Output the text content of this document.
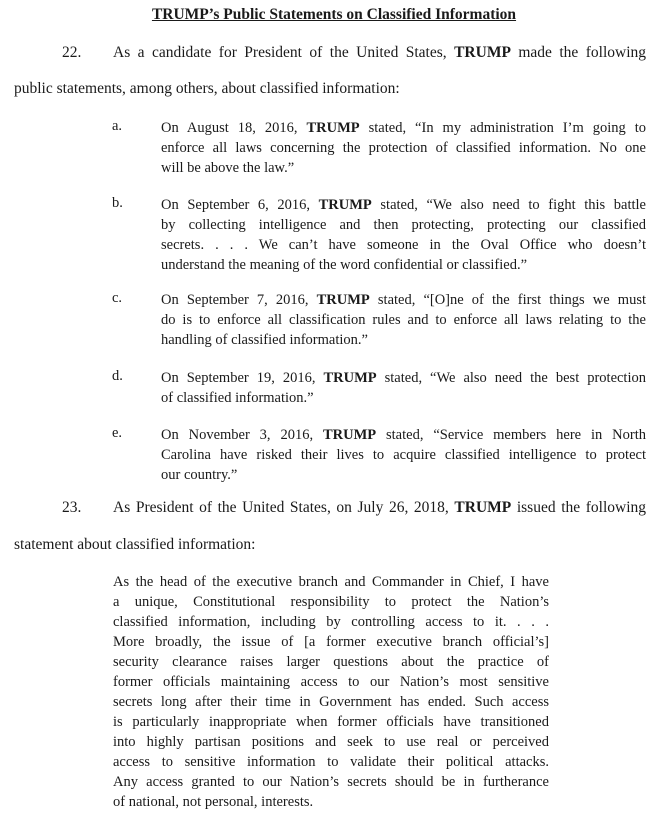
TRUMP’s Public Statements on Classified Information
22. As a candidate for President of the United States, TRUMP made the following
public statements, among others, about classified information:
a.	On August 18, 2016, TRUMP stated, “In my administration I’m going to
enforce all laws concerning the protection of classified information. No one
will be above the law.”
b.	On September 6, 2016, TRUMP stated, “We also need to fight this battle
by collecting intelligence and then protecting, protecting our classified
secrets. . . . We can’t have someone in the Oval Office who doesn’t
understand the meaning of the word confidential or classified.”
c.	On September 7, 2016, TRUMP stated, “[O]ne of the first things we must
do is to enforce all classification rules and to enforce all laws relating to the
handling of classified information.”
d.	On September 19, 2016, TRUMP stated, “We also need the best protection
of classified information.”
e.	On November 3, 2016, TRUMP stated, “Service members here in North
Carolina have risked their lives to acquire classified intelligence to protect
our country.”
23. As President of the United States, on July 26, 2018, TRUMP issued the following
statement about classified information:
As the head of the executive branch and Commander in Chief, I have
a unique, Constitutional responsibility to protect the Nation’s
classified information, including by controlling access to it. . . .
More broadly, the issue of [a former executive branch official’s]
security clearance raises larger questions about the practice of
former officials maintaining access to our Nation’s most sensitive
secrets long after their time in Government has ended. Such access
is particularly inappropriate when former officials have transitioned
into highly partisan positions and seek to use real or perceived
access to sensitive information to validate their political attacks.
Any access granted to our Nation’s secrets should be in furtherance
of national, not personal, interests.
